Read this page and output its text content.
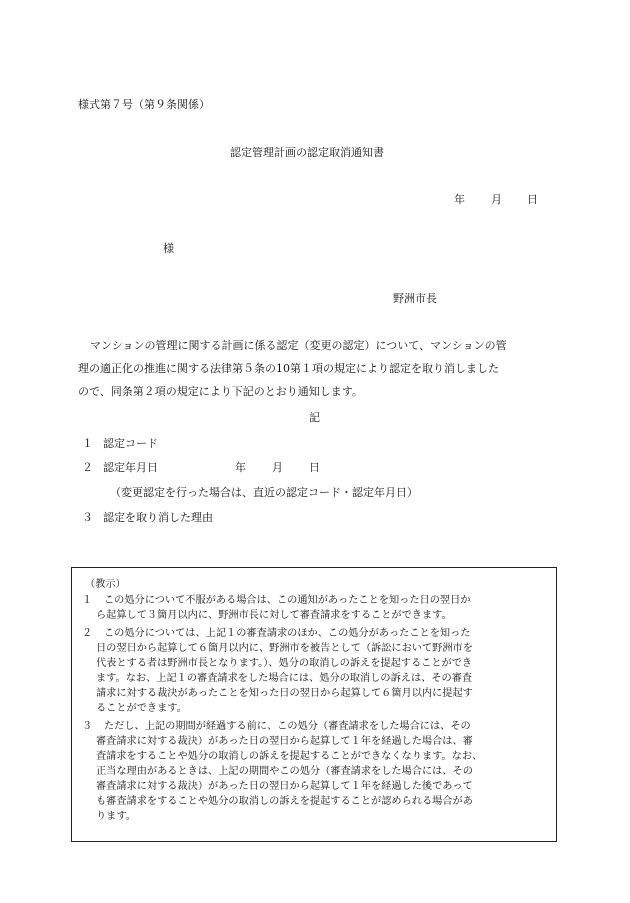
様式第７号（第９条関係）
認定管理計画の認定取消通知書
年 月 日
様
野洲市長
マンションの管理に関する計画に係る認定（変更の認定）について、マンションの管
理の適正化の推進に関する法律第５条の10第１項の規定により認定を取り消しました
ので、同条第２項の規定により下記のとおり通知します。
記
１ 認定コード
２ 認定年月日	年 月 日
（変更認定を行った場合は、直近の認定コード・認定年月日）
３ 認定を取り消した理由
（教示）
１ この処分について不服がある場合は、この通知があったことを知った日の翌日か
ら起算して３箇月以内に、野洲市長に対して審査請求をすることができます。
２ この処分については、上記１の審査請求のほか、この処分があったことを知った
日の翌日から起算して６箇月以内に、野洲市を被告として（訴訟において野洲市を
代表とする者は野洲市長となります。）、処分の取消しの訴えを提起することができ
ます。なお、上記１の審査請求をした場合には、処分の取消しの訴えは、その審査
請求に対する裁決があったことを知った日の翌日から起算して６箇月以内に提起す
ることができます。
３ ただし、上記の期間が経過する前に、この処分（審査請求をした場合には、その
審査請求に対する裁決）があった日の翌日から起算して１年を経過した場合は、審
査請求をすることや処分の取消しの訴えを提起することができなくなります。なお、
正当な理由があるときは、上記の期間やこの処分（審査請求をした場合には、その
審査請求に対する裁決）があった日の翌日から起算して１年を経過した後であって
も審査請求をすることや処分の取消しの訴えを提起することが認められる場合があ
ります。
